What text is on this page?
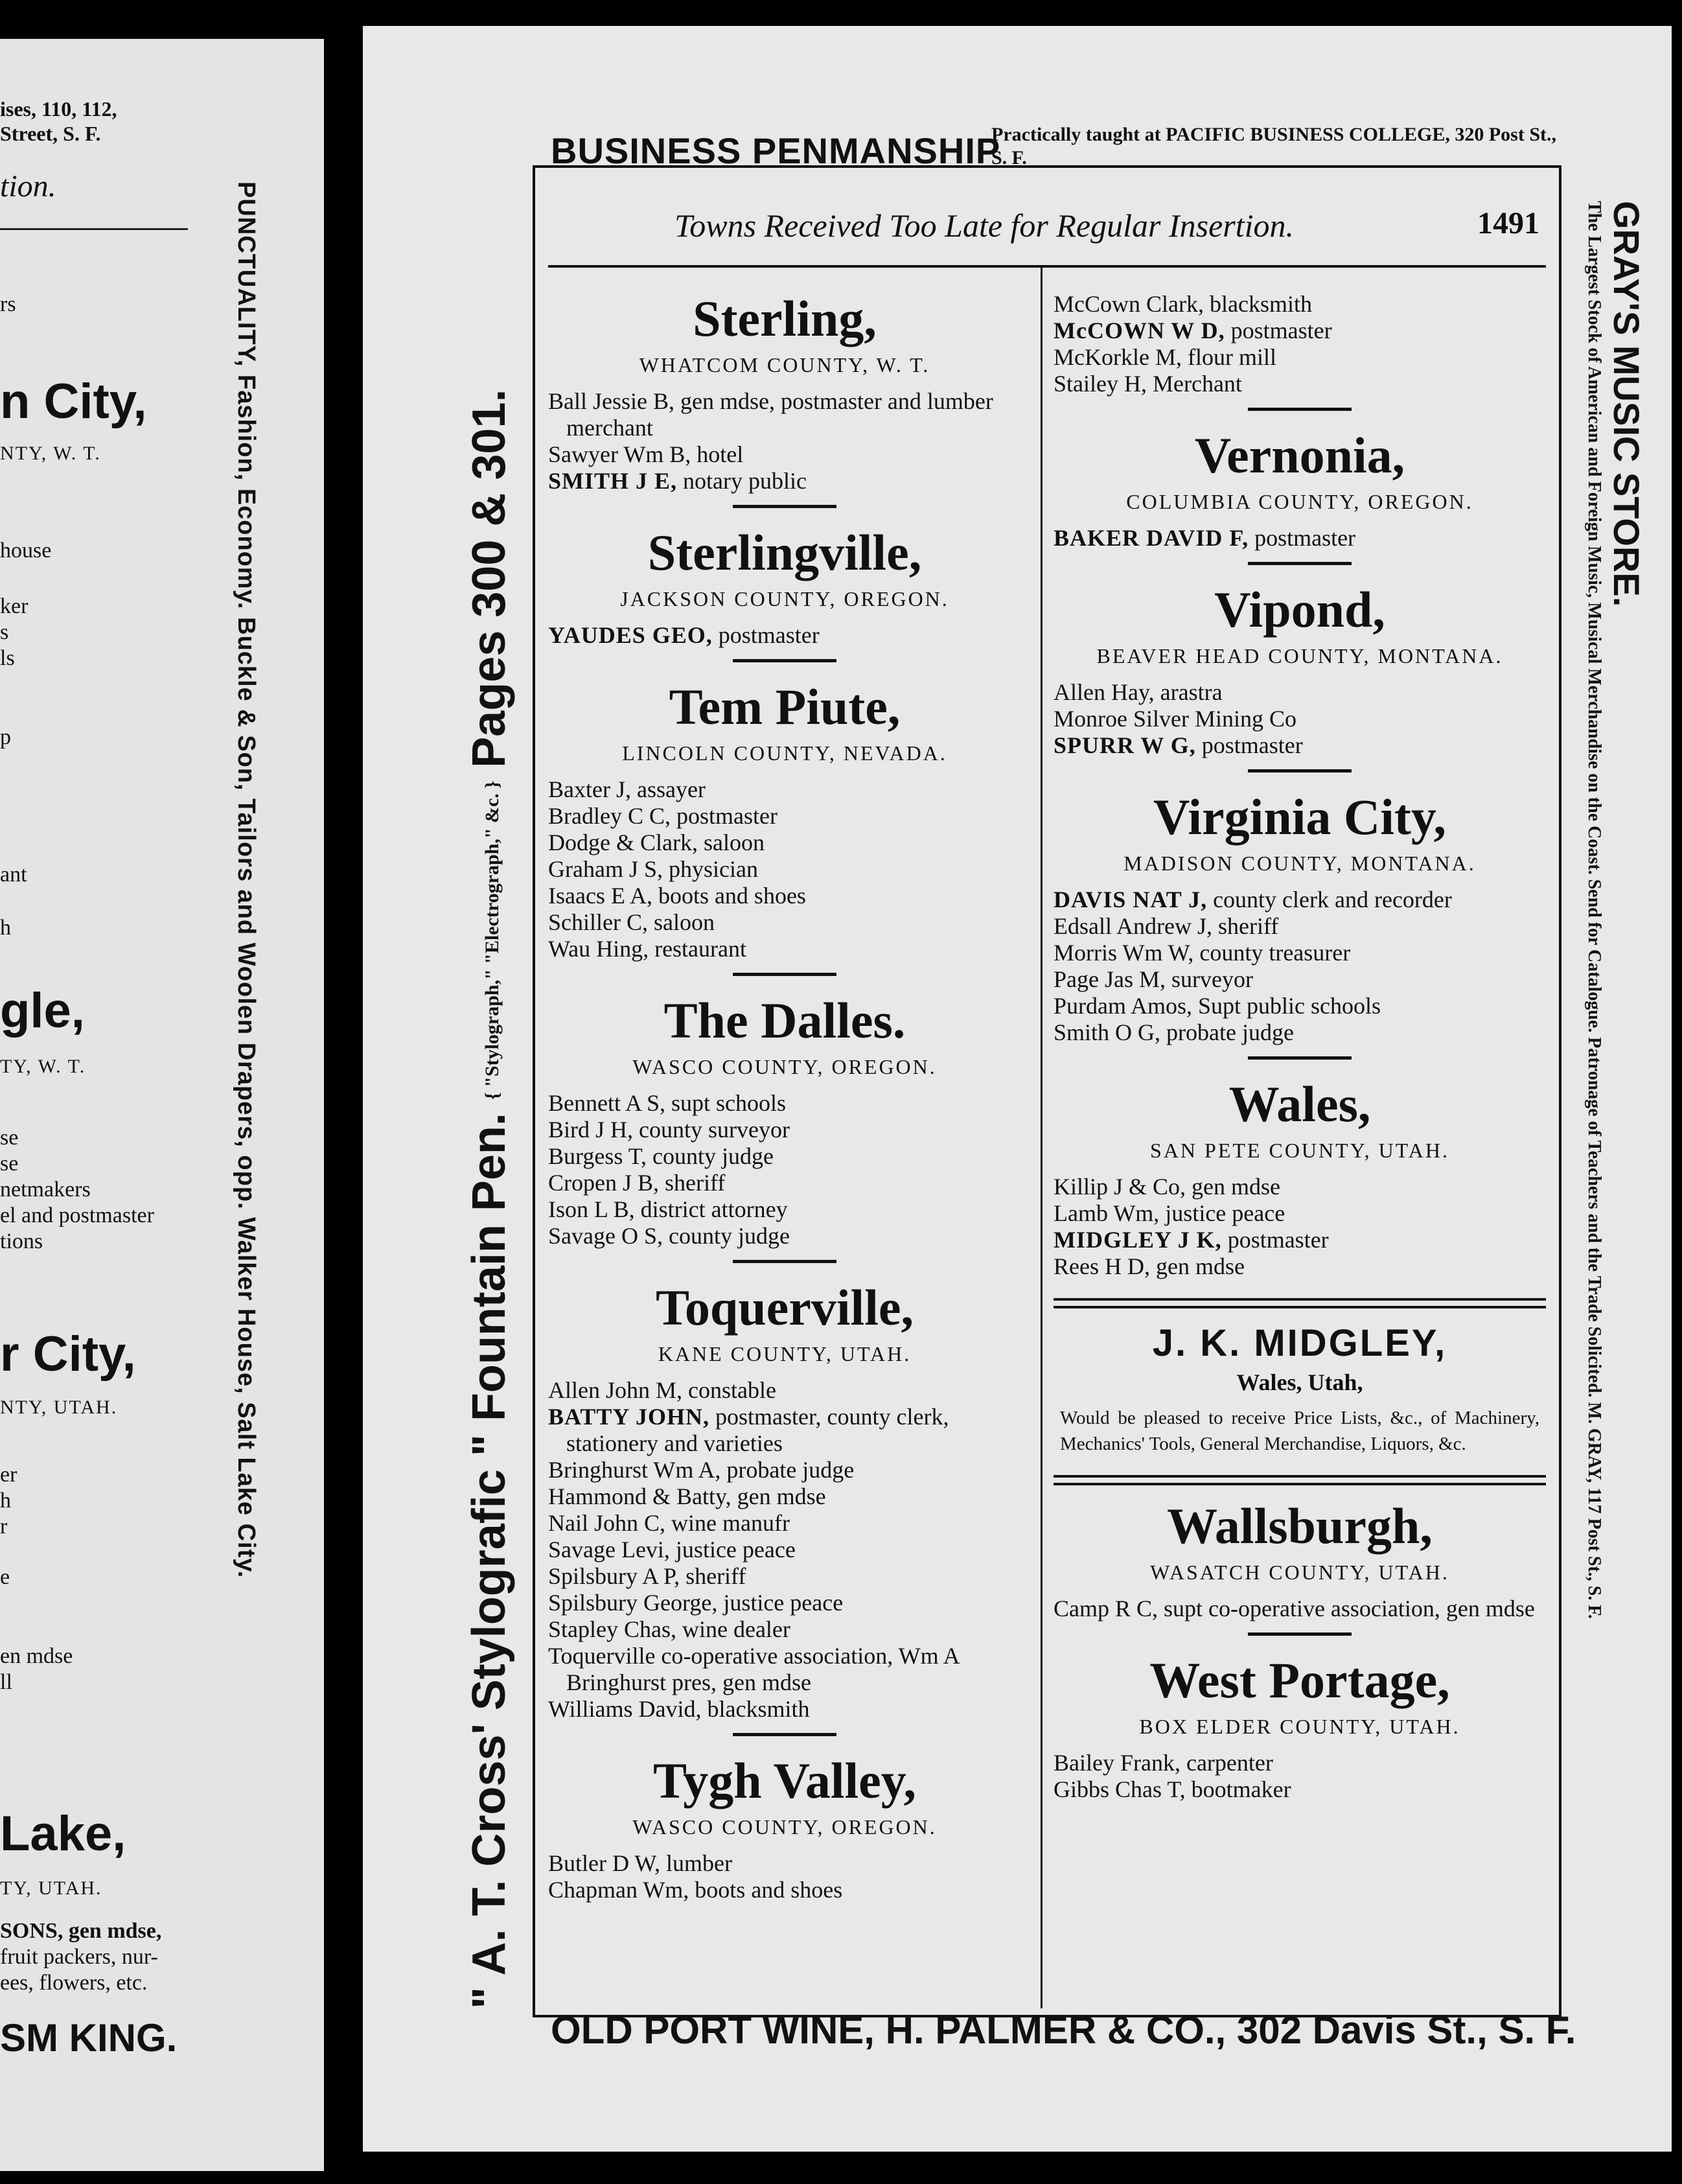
ises, 110, 112,
Street, S. F.
tion.
rs
n City,
NTY, W. T.
house
ker
s
ls
p
ant
h
gle,
TY, W. T.
se
se
netmakers
el and postmaster
tions
r City,
NTY, UTAH.
er
h
r
e
en mdse
ll
Lake,
TY, UTAH.
SONS, gen mdse,
fruit packers, nur-
ees, flowers, etc.
SM KING.
PUNCTUALITY, Fashion, Economy. Buckle & Son, Tailors and Woolen Drapers, opp. Walker House, Salt Lake City.
BUSINESS PENMANSHIP
Practically taught at PACIFIC BUSINESS COLLEGE, 320 Post St., S. F.
" A. T. Cross' Stylografic " Fountain Pen. { "Stylograph," "Electrograph," &c. } Pages 300 & 301.
Towns Received Too Late for Regular Insertion.	1491
Sterling,
WHATCOM COUNTY, W. T.
Ball Jessie B, gen mdse, postmaster and lumber merchant
Sawyer Wm B, hotel
SMITH J E, notary public
Sterlingville,
JACKSON COUNTY, OREGON.
YAUDES GEO, postmaster
Tem Piute,
LINCOLN COUNTY, NEVADA.
Baxter J, assayer
Bradley C C, postmaster
Dodge & Clark, saloon
Graham J S, physician
Isaacs E A, boots and shoes
Schiller C, saloon
Wau Hing, restaurant
The Dalles.
WASCO COUNTY, OREGON.
Bennett A S, supt schools
Bird J H, county surveyor
Burgess T, county judge
Cropen J B, sheriff
Ison L B, district attorney
Savage O S, county judge
Toquerville,
KANE COUNTY, UTAH.
Allen John M, constable
BATTY JOHN, postmaster, county clerk, stationery and varieties
Bringhurst Wm A, probate judge
Hammond & Batty, gen mdse
Nail John C, wine manufr
Savage Levi, justice peace
Spilsbury A P, sheriff
Spilsbury George, justice peace
Stapley Chas, wine dealer
Toquerville co-operative association, Wm A Bringhurst pres, gen mdse
Williams David, blacksmith
Tygh Valley,
WASCO COUNTY, OREGON.
Butler D W, lumber
Chapman Wm, boots and shoes
McCown Clark, blacksmith
McCOWN W D, postmaster
McKorkle M, flour mill
Stailey H, Merchant
Vernonia,
COLUMBIA COUNTY, OREGON.
BAKER DAVID F, postmaster
Vipond,
BEAVER HEAD COUNTY, MONTANA.
Allen Hay, arastra
Monroe Silver Mining Co
SPURR W G, postmaster
Virginia City,
MADISON COUNTY, MONTANA.
DAVIS NAT J, county clerk and recorder
Edsall Andrew J, sheriff
Morris Wm W, county treasurer
Page Jas M, surveyor
Purdam Amos, Supt public schools
Smith O G, probate judge
Wales,
SAN PETE COUNTY, UTAH.
Killip J & Co, gen mdse
Lamb Wm, justice peace
MIDGLEY J K, postmaster
Rees H D, gen mdse
J. K. MIDGLEY,
Wales, Utah,
Would be pleased to receive Price Lists, &c., of Machinery, Mechanics' Tools, General Merchandise, Liquors, &c.
Wallsburgh,
WASATCH COUNTY, UTAH.
Camp R C, supt co-operative association, gen mdse
West Portage,
BOX ELDER COUNTY, UTAH.
Bailey Frank, carpenter
Gibbs Chas T, bootmaker
GRAY'S MUSIC STORE.
The Largest Stock of American and Foreign Music, Musical Merchandise on the Coast. Send for Catalogue. Patronage of Teachers and the Trade Solicited. M. GRAY, 117 Post St., S. F.
OLD PORT WINE, H. PALMER & CO., 302 Davis St., S. F.
